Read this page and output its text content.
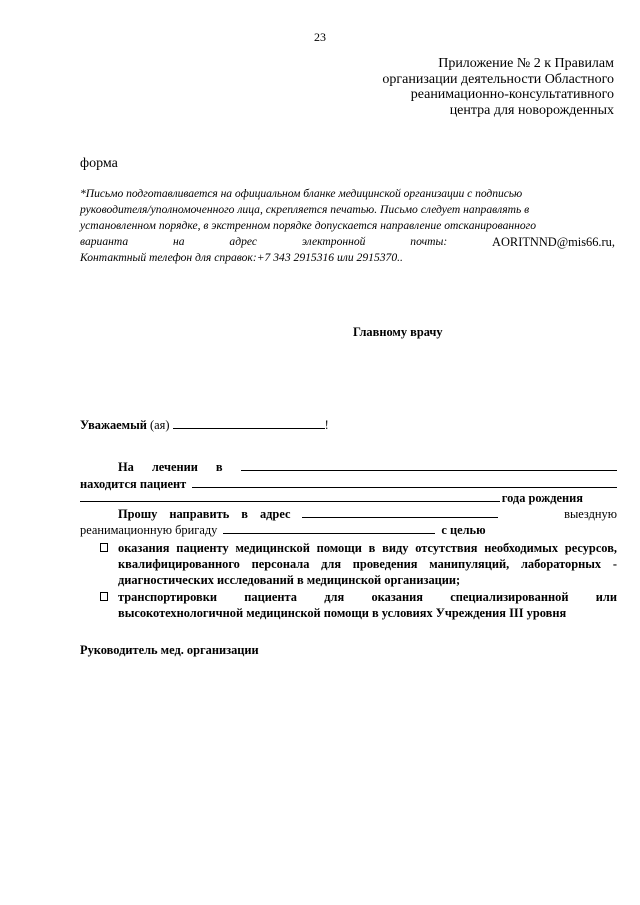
23
Приложение № 2 к Правилам
организации деятельности Областного
реанимационно-консультативного
центра для новорожденных
форма
*Письмо подготавливается на официальном бланке медицинской организации с подписью
руководителя/уполномоченного лица, скрепляется печатью. Письмо следует направлять в
установленном порядке, в экстренном порядке допускается направление отсканированного
варианта	на	адрес	электронной	почты:	AORITNND@mis66.ru,
Контактный телефон для справок:+7 343 2915316 или 2915370..
Главному врачу
Уважаемый (ая)	!
На лечении в
находится пациент
года рождения
Прошу направить в адрес	выездную
реанимационную бригаду	с целью
оказания пациенту медицинской помощи в виду отсутствия необходимых ресурсов, квалифицированного персонала для проведения манипуляций, лабораторных - диагностических исследований в медицинской организации;
транспортировки пациента для оказания специализированной или высокотехнологичной медицинской помощи в условиях Учреждения III уровня
Руководитель мед. организации
